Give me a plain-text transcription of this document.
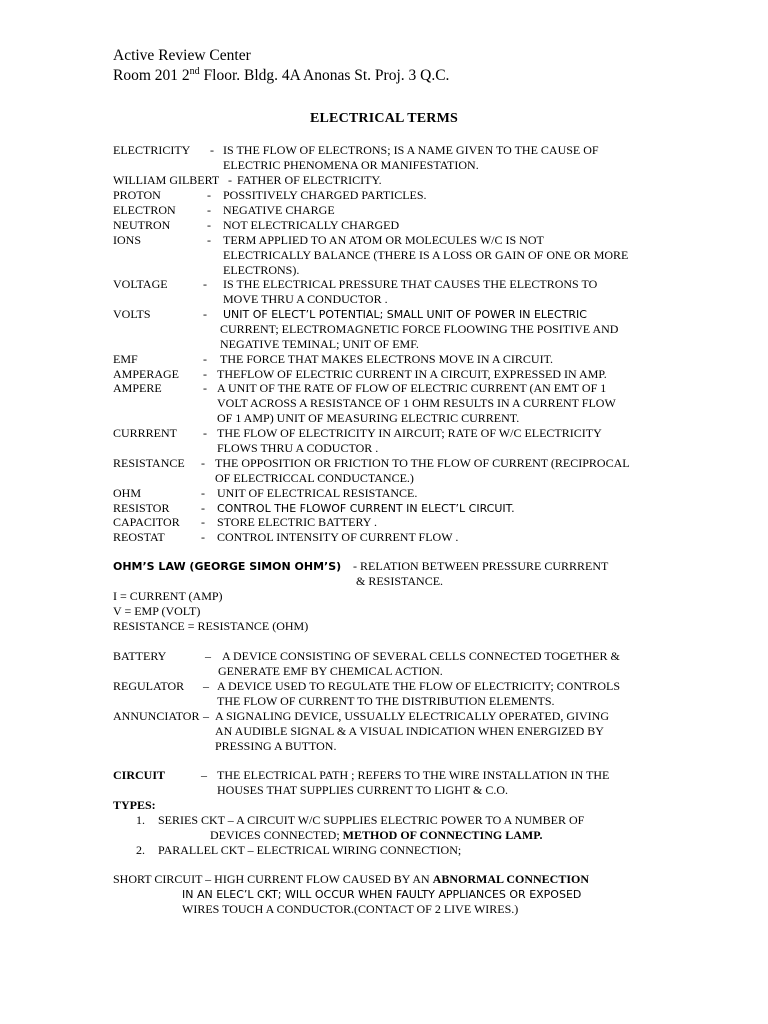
Active Review Center
Room 201 2nd Floor. Bldg. 4A Anonas St. Proj. 3 Q.C.
ELECTRICAL TERMS
ELECTRICITY - IS THE FLOW OF ELECTRONS; IS A NAME GIVEN TO THE CAUSE OF
ELECTRIC PHENOMENA OR MANIFESTATION.
WILLIAM GILBERT - FATHER OF ELECTRICITY.
PROTON	- POSSITIVELY CHARGED PARTICLES.
ELECTRON	- NEGATIVE CHARGE
NEUTRON	- NOT ELECTRICALLY CHARGED
IONS	- TERM APPLIED TO AN ATOM OR MOLECULES W/C IS NOT
ELECTRICALLY BALANCE (THERE IS A LOSS OR GAIN OF ONE OR MORE
ELECTRONS).
VOLTAGE	- IS THE ELECTRICAL PRESSURE THAT CAUSES THE ELECTRONS TO
MOVE THRU A CONDUCTOR .
VOLTS	- UNIT OF ELECT’L POTENTIAL; SMALL UNIT OF POWER IN ELECTRIC
CURRENT; ELECTROMAGNETIC FORCE FLOOWING THE POSITIVE AND
NEGATIVE TEMINAL; UNIT OF EMF.
EMF	- THE FORCE THAT MAKES ELECTRONS MOVE IN A CIRCUIT.
AMPERAGE - THEFLOW OF ELECTRIC CURRENT IN A CIRCUIT, EXPRESSED IN AMP.
AMPERE	- A UNIT OF THE RATE OF FLOW OF ELECTRIC CURRENT (AN EMT OF 1
VOLT ACROSS A RESISTANCE OF 1 OHM RESULTS IN A CURRENT FLOW
OF 1 AMP) UNIT OF MEASURING ELECTRIC CURRENT.
CURRRENT - THE FLOW OF ELECTRICITY IN AIRCUIT; RATE OF W/C ELECTRICITY
FLOWS THRU A CODUCTOR .
RESISTANCE - THE OPPOSITION OR FRICTION TO THE FLOW OF CURRENT (RECIPROCAL
OF ELECTRICCAL CONDUCTANCE.)
OHM	- UNIT OF ELECTRICAL RESISTANCE.
RESISTOR	- CONTROL THE FLOWOF CURRENT IN ELECT’L CIRCUIT.
CAPACITOR - STORE ELECTRIC BATTERY .
REOSTAT	- CONTROL INTENSITY OF CURRENT FLOW .
OHM’S LAW (GEORGE SIMON OHM’S) - RELATION BETWEEN PRESSURE CURRRENT
& RESISTANCE.
I = CURRENT (AMP)
V = EMP (VOLT)
RESISTANCE = RESISTANCE (OHM)
BATTERY	– A DEVICE CONSISTING OF SEVERAL CELLS CONNECTED TOGETHER &
GENERATE EMF BY CHEMICAL ACTION.
REGULATOR – A DEVICE USED TO REGULATE THE FLOW OF ELECTRICITY; CONTROLS
THE FLOW OF CURRENT TO THE DISTRIBUTION ELEMENTS.
ANNUNCIATOR – A SIGNALING DEVICE, USSUALLY ELECTRICALLY OPERATED, GIVING
AN AUDIBLE SIGNAL & A VISUAL INDICATION WHEN ENERGIZED BY
PRESSING A BUTTON.
CIRCUIT	– THE ELECTRICAL PATH ; REFERS TO THE WIRE INSTALLATION IN THE
HOUSES THAT SUPPLIES CURRENT TO LIGHT & C.O.
TYPES:
1. SERIES CKT – A CIRCUIT W/C SUPPLIES ELECTRIC POWER TO A NUMBER OF
DEVICES CONNECTED; METHOD OF CONNECTING LAMP.
2. PARALLEL CKT – ELECTRICAL WIRING CONNECTION;
SHORT CIRCUIT – HIGH CURRENT FLOW CAUSED BY AN ABNORMAL CONNECTION
IN AN ELEC’L CKT; WILL OCCUR WHEN FAULTY APPLIANCES OR EXPOSED
WIRES TOUCH A CONDUCTOR.(CONTACT OF 2 LIVE WIRES.)
